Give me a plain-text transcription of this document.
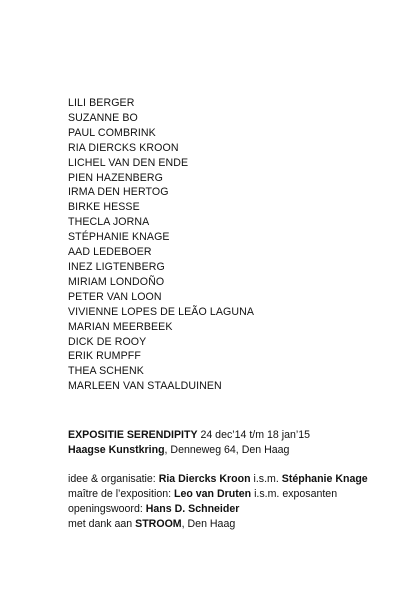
LILI BERGER
SUZANNE BO
PAUL COMBRINK
RIA DIERCKS KROON
LICHEL VAN DEN ENDE
PIEN HAZENBERG
IRMA DEN HERTOG
BIRKE HESSE
THECLA JORNA
STÉPHANIE KNAGE
AAD LEDEBOER
INEZ LIGTENBERG
MIRIAM LONDOÑO
PETER VAN LOON
VIVIENNE LOPES DE LEÃO LAGUNA
MARIAN MEERBEEK
DICK DE ROOY
ERIK RUMPFF
THEA SCHENK
MARLEEN VAN STAALDUINEN

EXPOSITIE SERENDIPITY 24 dec’14 t/m 18 jan’15

Haagse Kunstkring, Denneweg 64, Den Haag

idee & organisatie: Ria Diercks Kroon i.s.m. Stéphanie Knage

maître de l’exposition: Leo van Druten i.s.m. exposanten

openingswoord: Hans D. Schneider

met dank aan STROOM, Den Haag
